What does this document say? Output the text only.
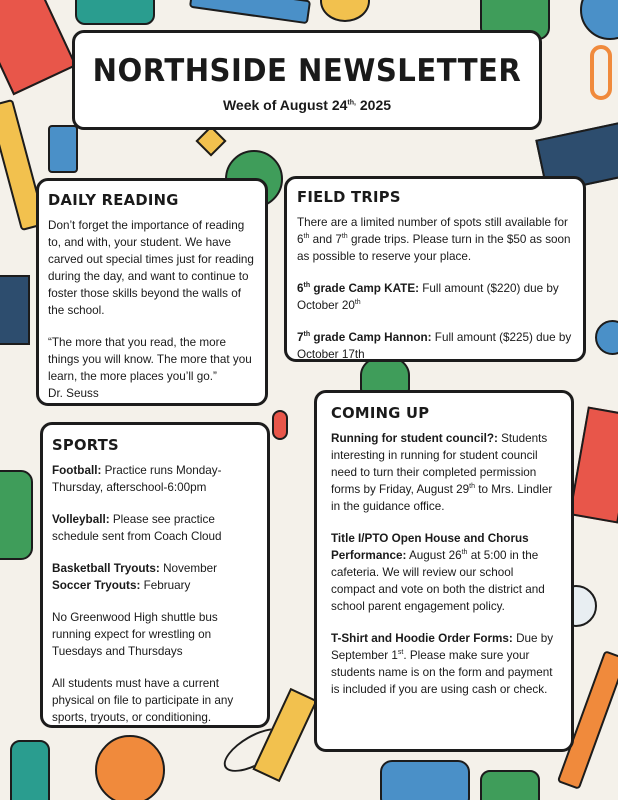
NORTHSIDE NEWSLETTER
Week of August $24^{th,}$ 2025
DAILY READING
Don’t forget the importance of reading to, and with, your student. We have carved out special times just for reading during the day, and want to continue to foster those skills beyond the walls of the school.
“The more that you read, the more things you will know. The more that you learn, the more places you’ll go.”
Dr. Seuss
FIELD TRIPS
There are a limited number of spots still available for 6th and 7th grade trips. Please turn in the $50 as soon as possible to reserve your place.
6th grade Camp KATE: Full amount ($220) due by October 20th
7th grade Camp Hannon: Full amount ($225) due by October 17th
SPORTS
Football: Practice runs Monday-Thursday, afterschool-6:00pm
Volleyball: Please see practice schedule sent from Coach Cloud
Basketball Tryouts: November
Soccer Tryouts: February
No Greenwood High shuttle bus running expect for wrestling on Tuesdays and Thursdays
All students must have a current physical on file to participate in any sports, tryouts, or conditioning.
COMING UP
Running for student council?: Students interesting in running for student council need to turn their completed permission forms by Friday, August 29th to Mrs. Lindler in the guidance office.
Title I/PTO Open House and Chorus Performance: August 26th at 5:00 in the cafeteria. We will review our school compact and vote on both the district and school parent engagement policy.
T-Shirt and Hoodie Order Forms: Due by September 1st. Please make sure your students name is on the form and payment is included if you are using cash or check.
